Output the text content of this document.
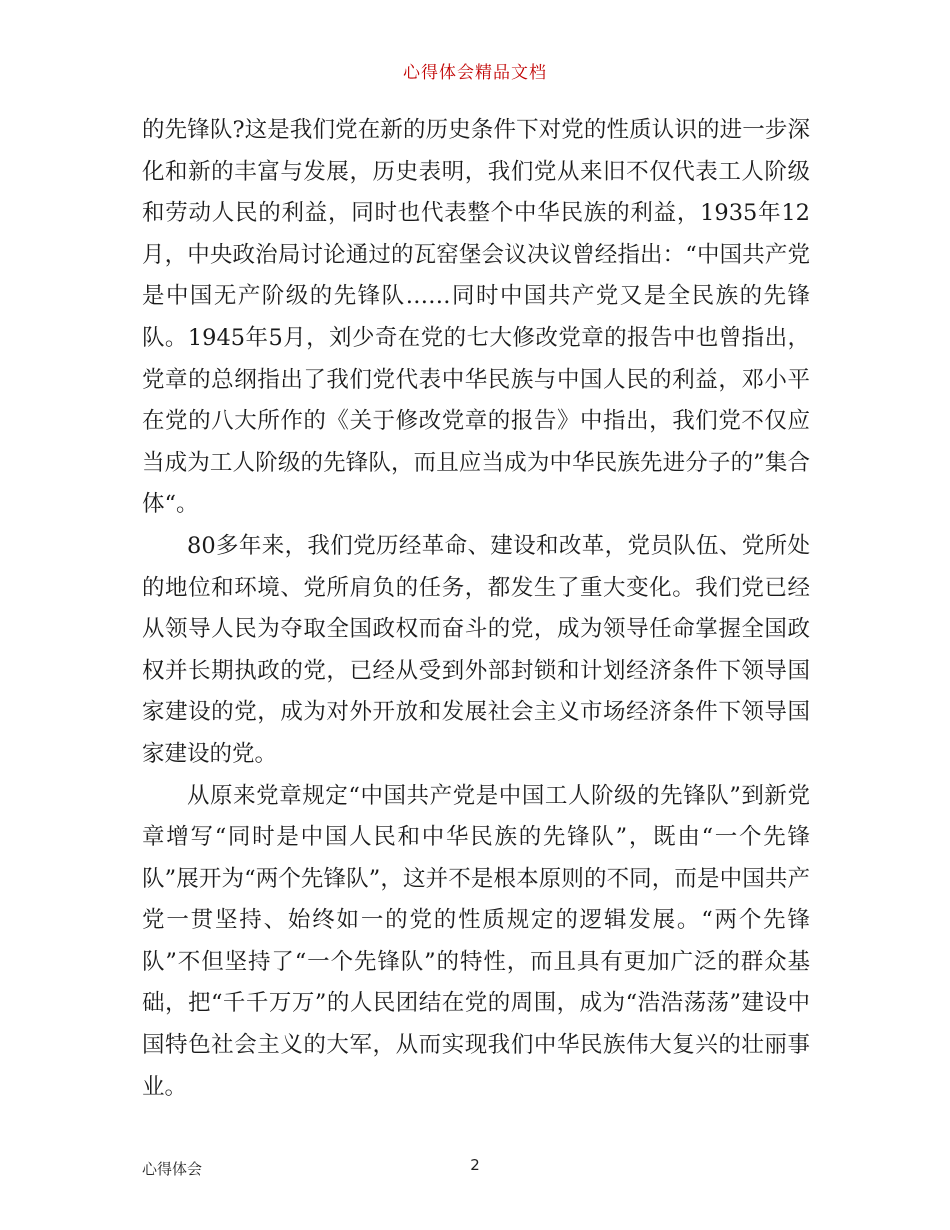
心得体会精品文档

的先锋队?这是我们党在新的历史条件下对党的性质认识的进一步深化和新的丰富与发展，历史表明，我们党从来旧不仅代表工人阶级和劳动人民的利益，同时也代表整个中华民族的利益，1935年12月，中央政治局讨论通过的瓦窑堡会议决议曾经指出：“中国共产党是中国无产阶级的先锋队……同时中国共产党又是全民族的先锋队。1945年5月，刘少奇在党的七大修改党章的报告中也曾指出，党章的总纲指出了我们党代表中华民族与中国人民的利益，邓小平在党的八大所作的《关于修改党章的报告》中指出，我们党不仅应当成为工人阶级的先锋队，而且应当成为中华民族先进分子的”集合体“。

80多年来，我们党历经革命、建设和改革，党员队伍、党所处的地位和环境、党所肩负的任务，都发生了重大变化。我们党已经从领导人民为夺取全国政权而奋斗的党，成为领导任命掌握全国政权并长期执政的党，已经从受到外部封锁和计划经济条件下领导国家建设的党，成为对外开放和发展社会主义市场经济条件下领导国家建设的党。

从原来党章规定“中国共产党是中国工人阶级的先锋队”到新党章增写“同时是中国人民和中华民族的先锋队”，既由“一个先锋队”展开为“两个先锋队”，这并不是根本原则的不同，而是中国共产党一贯坚持、始终如一的党的性质规定的逻辑发展。“两个先锋队”不但坚持了“一个先锋队”的特性，而且具有更加广泛的群众基础，把“千千万万”的人民团结在党的周围，成为“浩浩荡荡”建设中国特色社会主义的大军，从而实现我们中华民族伟大复兴的壮丽事业。

心得体会	2
